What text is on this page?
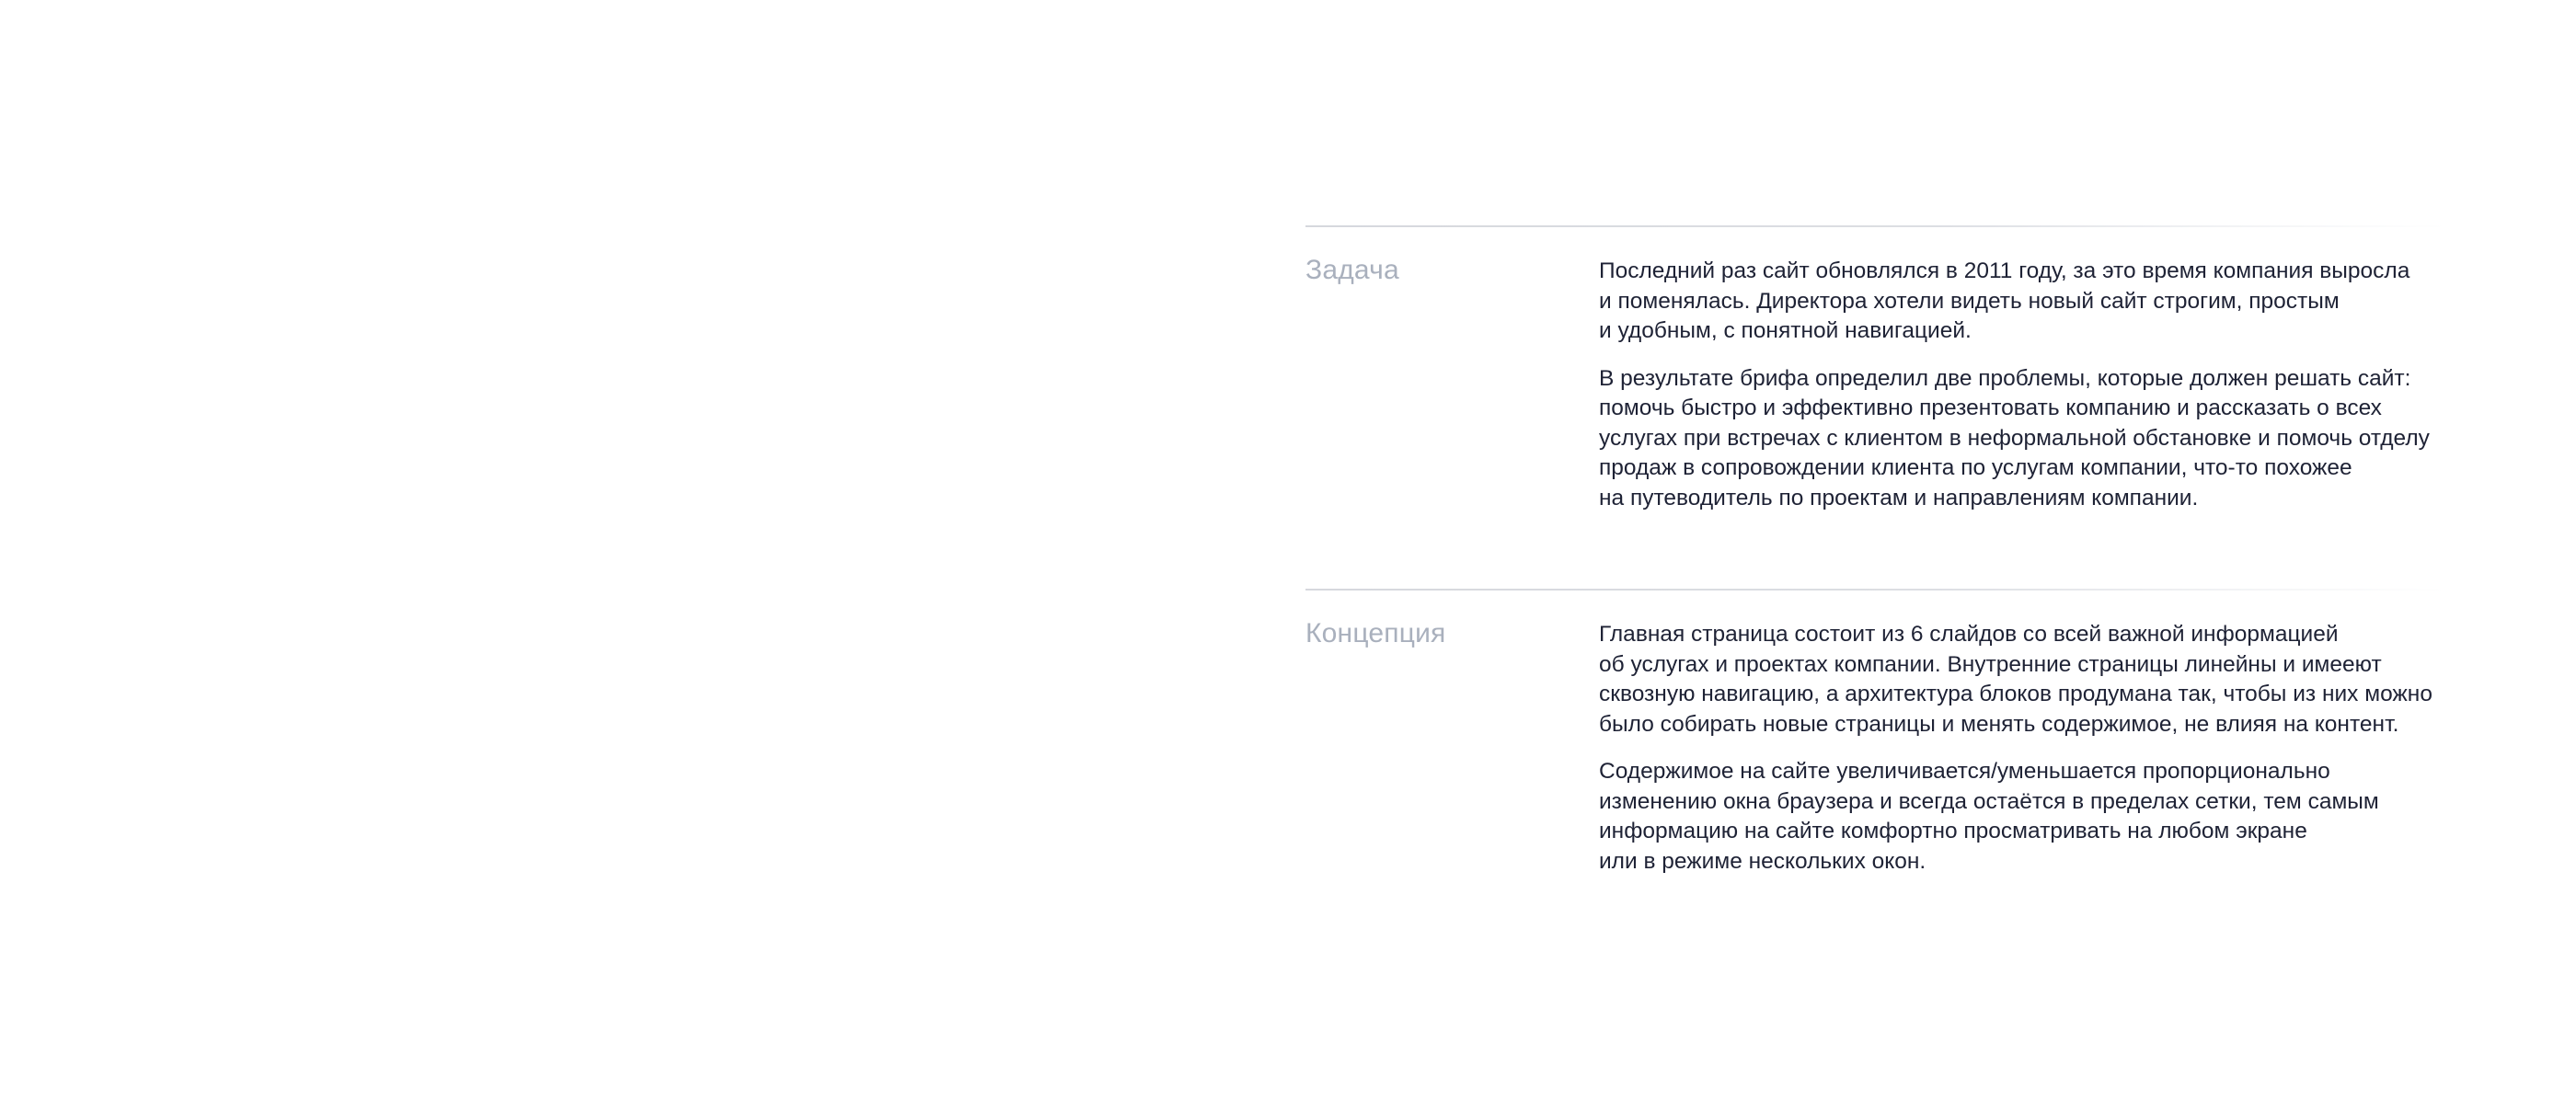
Задача	Последний раз сайт обновлялся в 2011 году, за это время компания выросла
и поменялась. Директора хотели видеть новый сайт строгим, простым
и удобным, с понятной навигацией.

В результате брифа определил две проблемы, которые должен решать сайт:
помочь быстро и эффективно презентовать компанию и рассказать о всех
услугах при встречах с клиентом в неформальной обстановке и помочь отделу
продаж в сопровождении клиента по услугам компании, что-то похожее
на путеводитель по проектам и направлениям компании.

Концепция	Главная страница состоит из 6 слайдов со всей важной информацией
об услугах и проектах компании. Внутренние страницы линейны и имееют
сквозную навигацию, а архитектура блоков продумана так, чтобы из них можно
было собирать новые страницы и менять содержимое, не влияя на контент.

Содержимое на сайте увеличивается/уменьшается пропорционально
изменению окна браузера и всегда остаётся в пределах сетки, тем самым
информацию на сайте комфортно просматривать на любом экране
или в режиме нескольких окон.
